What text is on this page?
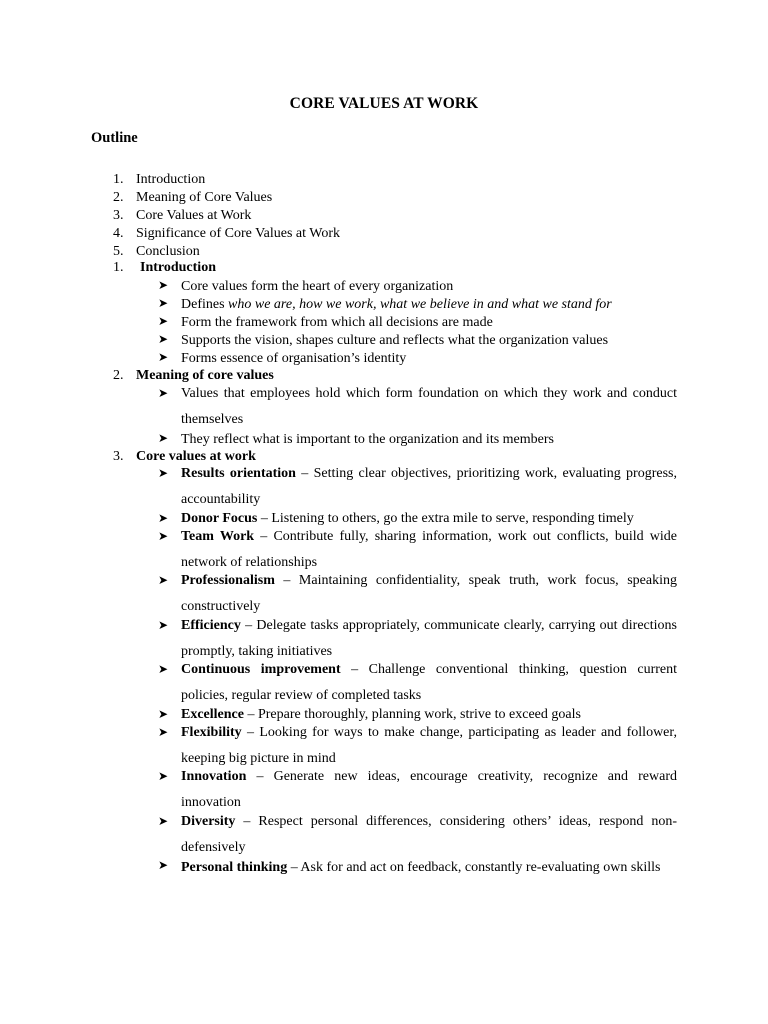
CORE VALUES AT WORK
Outline
1. Introduction
2. Meaning of Core Values
3. Core Values at Work
4. Significance of Core Values at Work
5. Conclusion
1. Introduction
➤ Core values form the heart of every organization
➤ Defines who we are, how we work, what we believe in and what we stand for
➤ Form the framework from which all decisions are made
➤ Supports the vision, shapes culture and reflects what the organization values
➤ Forms essence of organisation’s identity
2. Meaning of core values
➤ Values that employees hold which form foundation on which they work and conduct themselves
➤ They reflect what is important to the organization and its members
3. Core values at work
➤ Results orientation – Setting clear objectives, prioritizing work, evaluating progress, accountability
➤ Donor Focus – Listening to others, go the extra mile to serve, responding timely
➤ Team Work – Contribute fully, sharing information, work out conflicts, build wide network of relationships
➤ Professionalism – Maintaining confidentiality, speak truth, work focus, speaking constructively
➤ Efficiency – Delegate tasks appropriately, communicate clearly, carrying out directions promptly, taking initiatives
➤ Continuous improvement – Challenge conventional thinking, question current policies, regular review of completed tasks
➤ Excellence – Prepare thoroughly, planning work, strive to exceed goals
➤ Flexibility – Looking for ways to make change, participating as leader and follower, keeping big picture in mind
➤ Innovation – Generate new ideas, encourage creativity, recognize and reward innovation
➤ Diversity – Respect personal differences, considering others’ ideas, respond non-defensively
➤ Personal thinking – Ask for and act on feedback, constantly re-evaluating own skills
